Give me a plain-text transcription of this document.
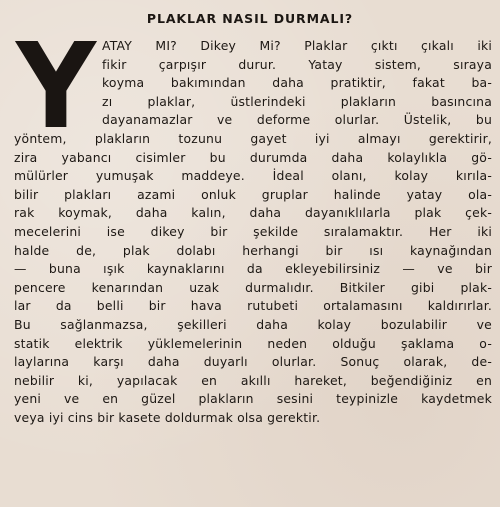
PLAKLAR NASIL DURMALI?
Y ATAY MI? Dikey Mi? Plaklar çıktı çıkalı iki
fikir çarpışır durur. Yatay sistem, sıraya
koyma bakımından daha pratiktir, fakat ba-
zı plaklar, üstlerindeki plakların basıncına
dayanamazlar ve deforme olurlar. Üstelik, bu
yöntem, plakların tozunu gayet iyi almayı gerektirir,
zira yabancı cisimler bu durumda daha kolaylıkla gö-
mülürler yumuşak maddeye. İdeal olanı, kolay kırıla-
bilir plakları azami onluk gruplar halinde yatay ola-
rak koymak, daha kalın, daha dayanıklılarla plak çek-
mecelerini ise dikey bir şekilde sıralamaktır. Her iki
halde de, plak dolabı herhangi bir ısı kaynağından
— buna ışık kaynaklarını da ekleyebilirsiniz — ve bir
pencere kenarından uzak durmalıdır. Bitkiler gibi plak-
lar da belli bir hava rutubeti ortalamasını kaldırırlar.
Bu sağlanmazsa, şekilleri daha kolay bozulabilir ve
statik elektrik yüklemelerinin neden olduğu şaklama o-
laylarına karşı daha duyarlı olurlar. Sonuç olarak, de-
nebilir ki, yapılacak en akıllı hareket, beğendiğiniz en
yeni ve en güzel plakların sesini teypinizle kaydetmek
veya iyi cins bir kasete doldurmak olsa gerektir.
